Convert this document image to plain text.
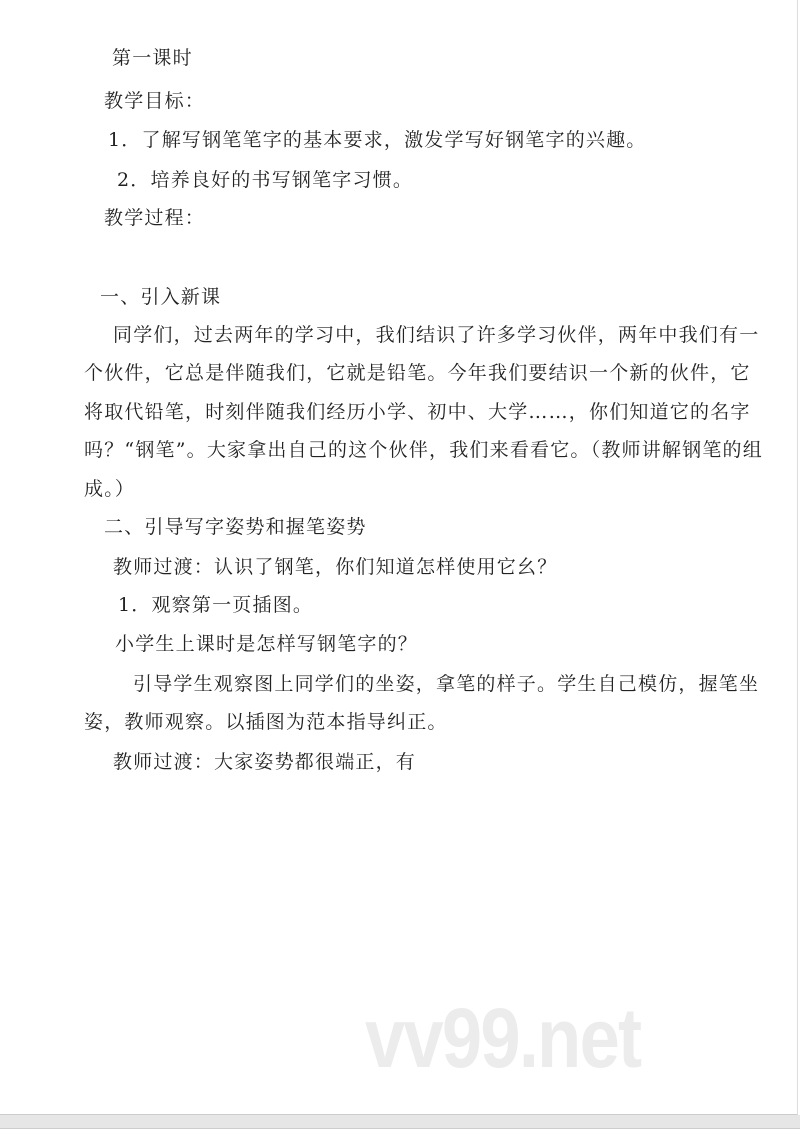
第一课时
教学目标：
1．了解写钢笔笔字的基本要求，激发学写好钢笔字的兴趣。
2．培养良好的书写钢笔字习惯。
教学过程：
一、引入新课
同学们，过去两年的学习中，我们结识了许多学习伙伴，两年中我们有一
个伙件，它总是伴随我们，它就是铅笔。今年我们要结识一个新的伙件，它
将取代铅笔，时刻伴随我们经历小学、初中、大学……，你们知道它的名字
吗？“钢笔”。大家拿出自己的这个伙伴，我们来看看它。（教师讲解钢笔的组
成。）
二、引导写字姿势和握笔姿势
教师过渡：认识了钢笔，你们知道怎样使用它幺？
1．观察第一页插图。
小学生上课时是怎样写钢笔字的？
引导学生观察图上同学们的坐姿，拿笔的样子。学生自己模仿，握笔坐
姿，教师观察。以插图为范本指导纠正。
教师过渡：大家姿势都很端正，有
vv99.net
